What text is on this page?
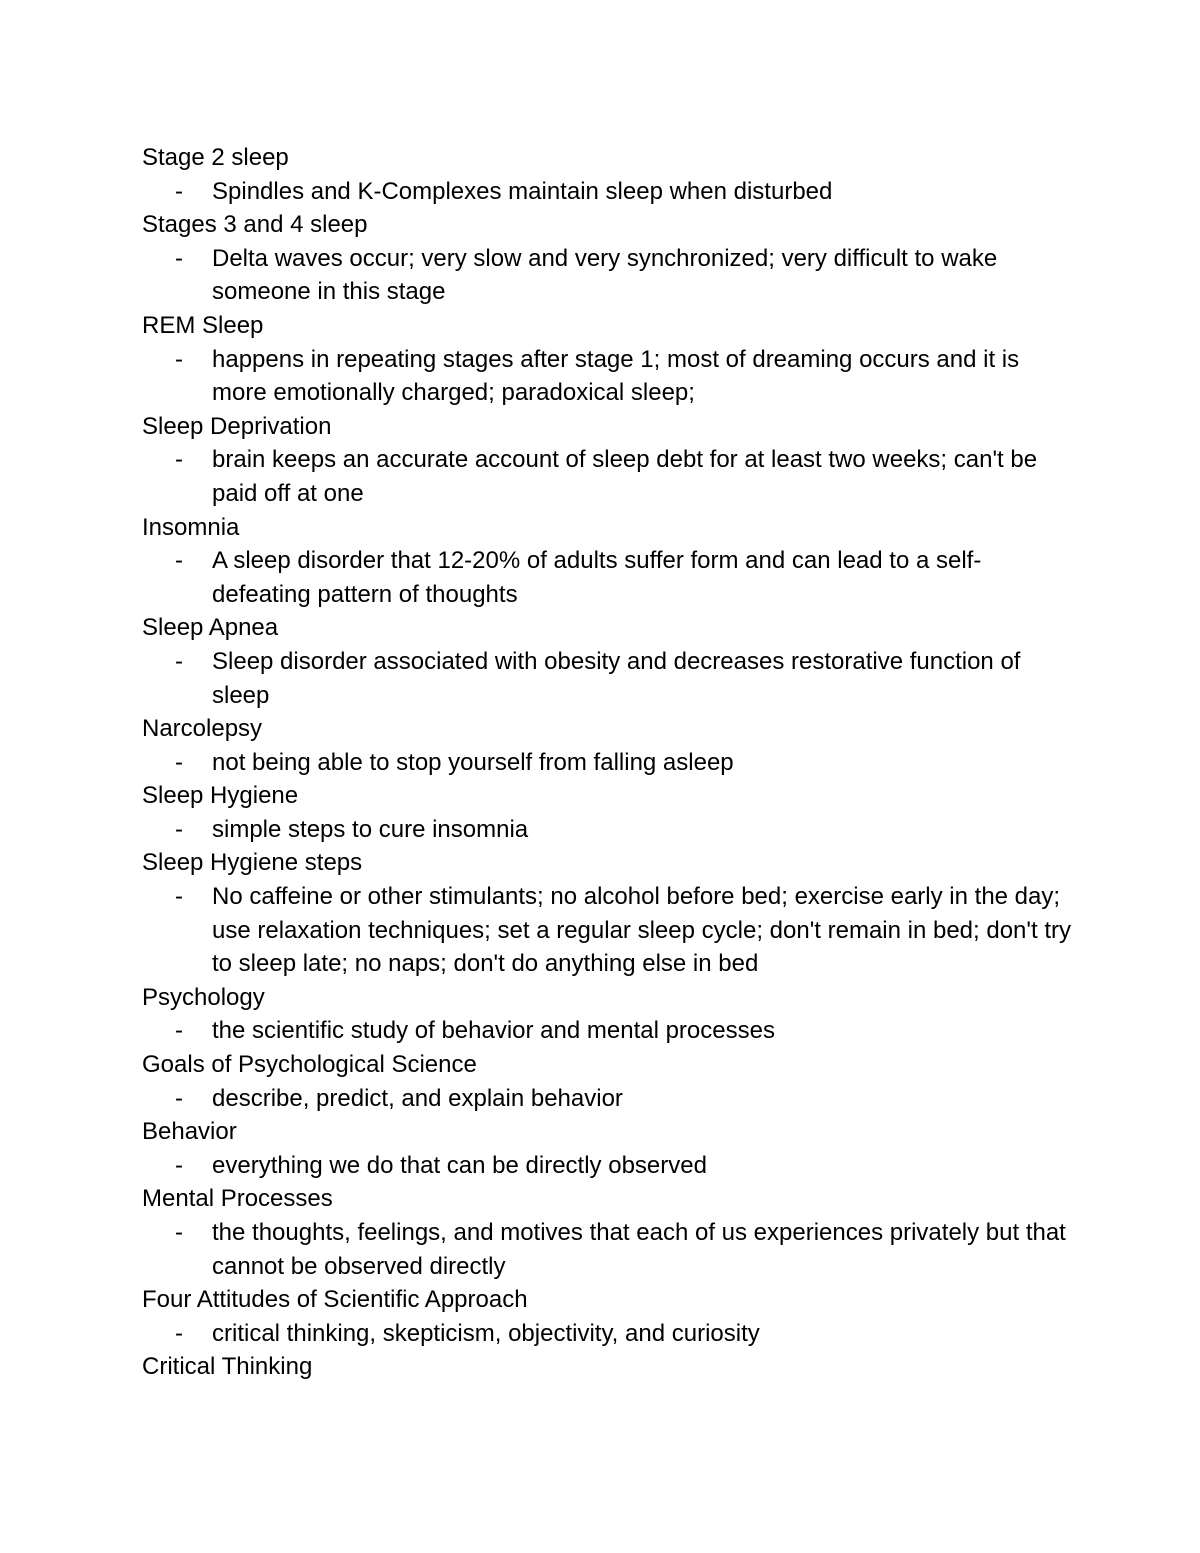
Stage 2 sleep

- Spindles and K-Complexes maintain sleep when disturbed

Stages 3 and 4 sleep

- Delta waves occur; very slow and very synchronized; very difficult to wake someone in this stage

REM Sleep

- happens in repeating stages after stage 1; most of dreaming occurs and it is more emotionally charged; paradoxical sleep;

Sleep Deprivation

- brain keeps an accurate account of sleep debt for at least two weeks; can't be paid off at one

Insomnia

- A sleep disorder that 12-20% of adults suffer form and can lead to a self-defeating pattern of thoughts

Sleep Apnea

- Sleep disorder associated with obesity and decreases restorative function of sleep

Narcolepsy

- not being able to stop yourself from falling asleep

Sleep Hygiene

- simple steps to cure insomnia

Sleep Hygiene steps

- No caffeine or other stimulants; no alcohol before bed; exercise early in the day; use relaxation techniques; set a regular sleep cycle; don't remain in bed; don't try to sleep late; no naps; don't do anything else in bed

Psychology

- the scientific study of behavior and mental processes

Goals of Psychological Science

- describe, predict, and explain behavior

Behavior

- everything we do that can be directly observed

Mental Processes

- the thoughts, feelings, and motives that each of us experiences privately but that cannot be observed directly

Four Attitudes of Scientific Approach

- critical thinking, skepticism, objectivity, and curiosity

Critical Thinking
